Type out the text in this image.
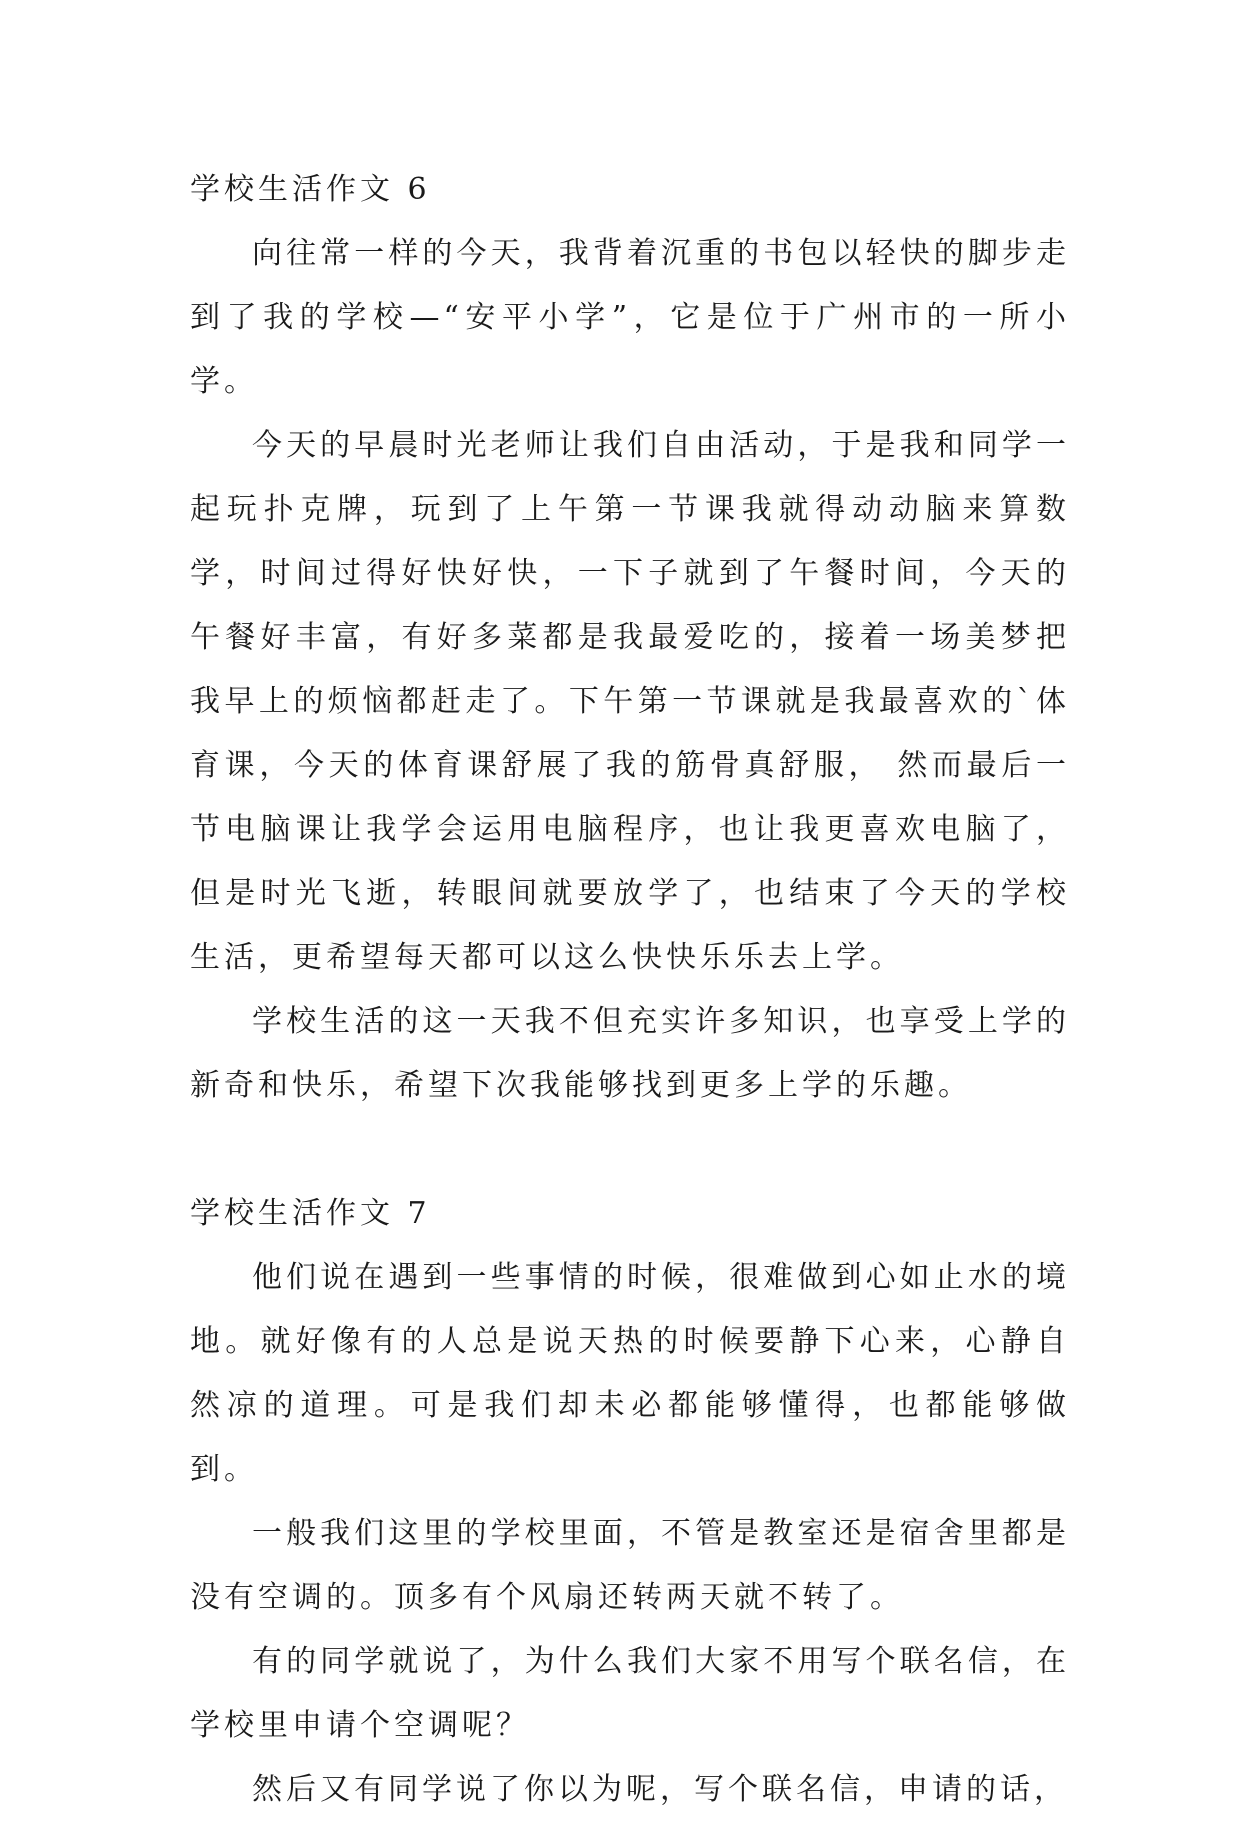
学校生活作文 6

向往常一样的今天，我背着沉重的书包以轻快的脚步走到了我的学校—“安平小学”，它是位于广州市的一所小学。

今天的早晨时光老师让我们自由活动，于是我和同学一起玩扑克牌，玩到了上午第一节课我就得动动脑来算数学，时间过得好快好快，一下子就到了午餐时间，今天的午餐好丰富，有好多菜都是我最爱吃的，接着一场美梦把我早上的烦恼都赶走了。下午第一节课就是我最喜欢的`体育课，今天的体育课舒展了我的筋骨真舒服， 然而最后一节电脑课让我学会运用电脑程序，也让我更喜欢电脑了，但是时光飞逝，转眼间就要放学了，也结束了今天的学校生活，更希望每天都可以这么快快乐乐去上学。

学校生活的这一天我不但充实许多知识，也享受上学的新奇和快乐，希望下次我能够找到更多上学的乐趣。

学校生活作文 7

他们说在遇到一些事情的时候，很难做到心如止水的境地。就好像有的人总是说天热的时候要静下心来，心静自然凉的道理。可是我们却未必都能够懂得，也都能够做到。

一般我们这里的学校里面，不管是教室还是宿舍里都是没有空调的。顶多有个风扇还转两天就不转了。

有的同学就说了，为什么我们大家不用写个联名信，在学校里申请个空调呢？

然后又有同学说了你以为呢，写个联名信，申请的话，
